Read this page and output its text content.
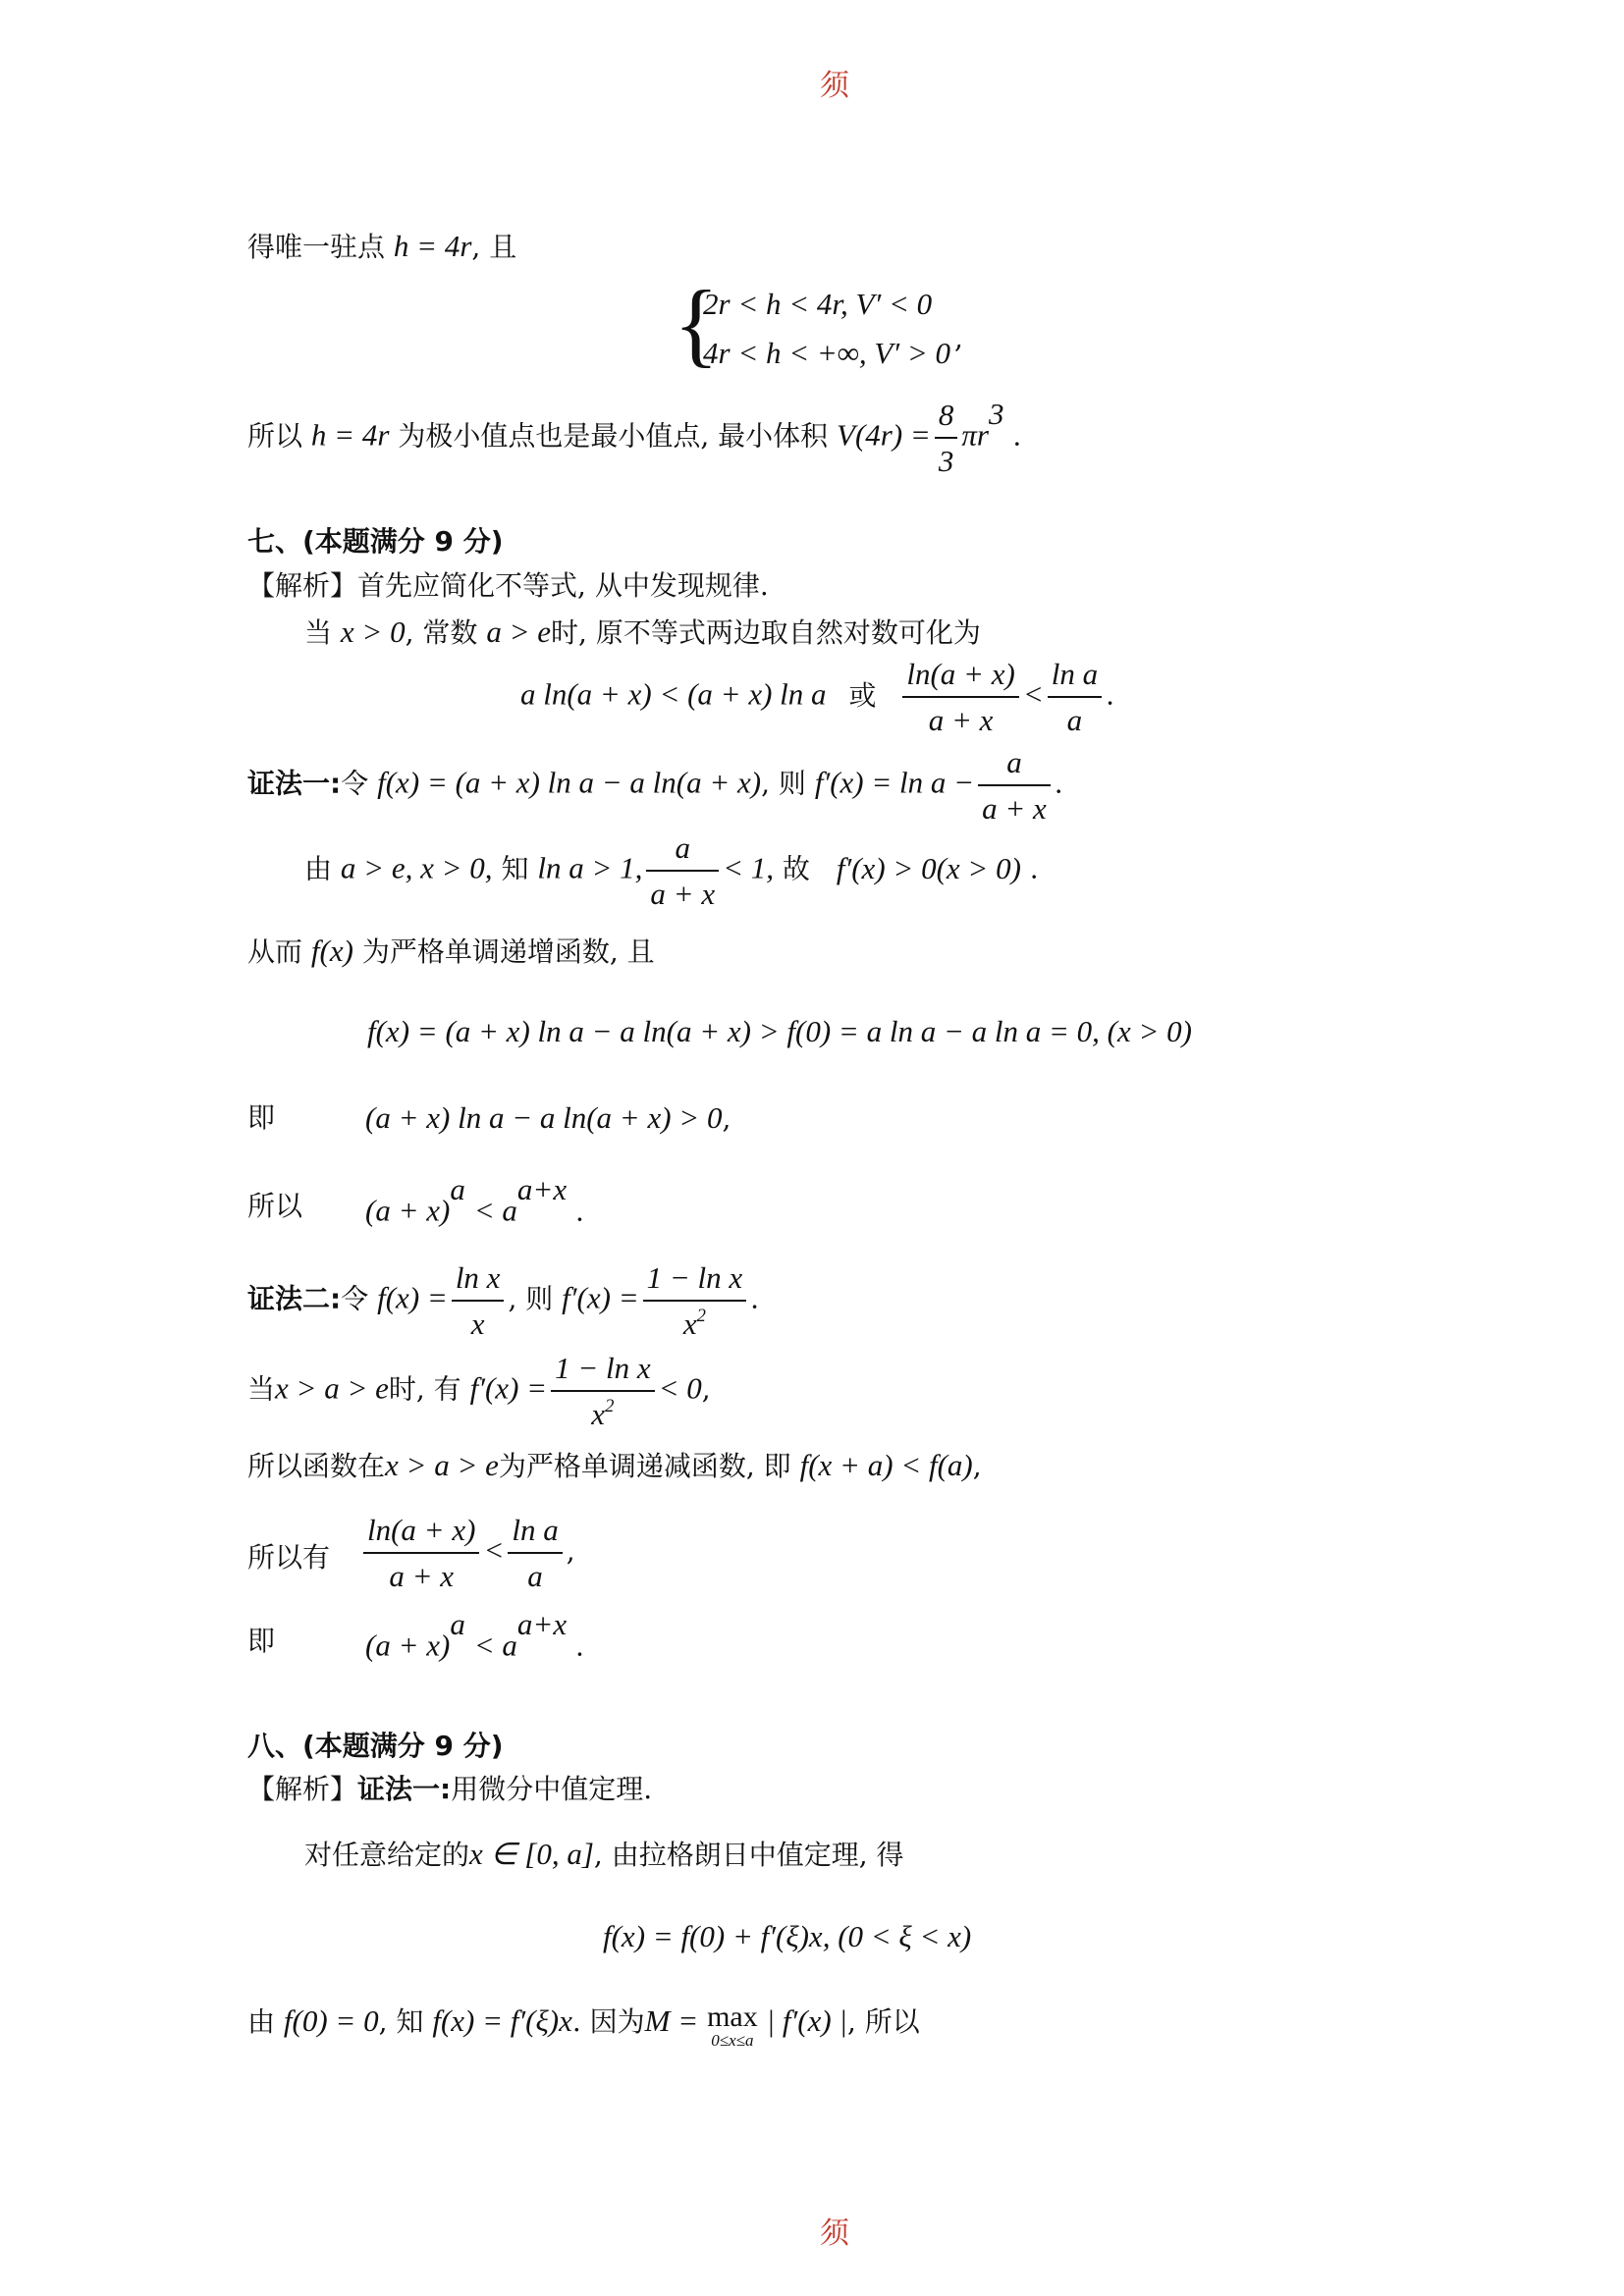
须
得唯一驻点 h = 4r, 且
{
2r < h < 4r, V′ < 0
4r < h < +∞, V′ > 0 ,
所以 h = 4r 为极小值点也是最小值点, 最小体积 $V(4r) = \frac{8}{3} \pi r^3$ .
七、(本题满分 9 分)
【解析】首先应简化不等式, 从中发现规律.
当 x > 0, 常数 a > e时, 原不等式两边取自然对数可化为
a ln(a + x) < (a + x) ln a 或 $\frac{\ln(a + x)}{a + x} < \frac{\text{ln a}}{a}$ .
证法一:令 f(x) = (a + x) ln a − a ln(a + x), 则 $f'(x) = \ln a - \frac{a}{a + x}$ .
由 a > e, x > 0, 知 ln a > 1, $\frac{a}{a + x} < 1$, 故 f′(x) > 0(x > 0) .
从而 f(x) 为严格单调递增函数, 且
f(x) = (a + x) ln a − a ln(a + x) > f(0) = a ln a − a ln a = 0, (x > 0)
即	(a + x) ln a − a ln(a + x) > 0,
所以 $(a + x)^a < a^{a+x}$ .
证法二:令 $f(x) = \frac{\text{ln x}}{x}$ , 则 $f'(x) = \frac{\text{1 − ln x}}{x^2}$ .
当x > a > e时, 有 $f'(x) = \frac{\text{1 − ln x}}{x^2} < 0$,
所以函数在x > a > e为严格单调递减函数, 即 f(x + a) < f(a),
所以有 $\frac{\ln(a + x)}{a + x} < \frac{\text{ln a}}{a}$ ,
即	$(a + x)^a < a^{a+x}$ .
八、(本题满分 9 分)
【解析】证法一:用微分中值定理.
对任意给定的x ∈ [0, a], 由拉格朗日中值定理, 得
f(x) = f(0) + f′(ξ)x, (0 < ξ < x)
由 f(0) = 0, 知 f(x) = f′(ξ)x. 因为M = max
0≤x≤a
| f′(x) |, 所以
须
